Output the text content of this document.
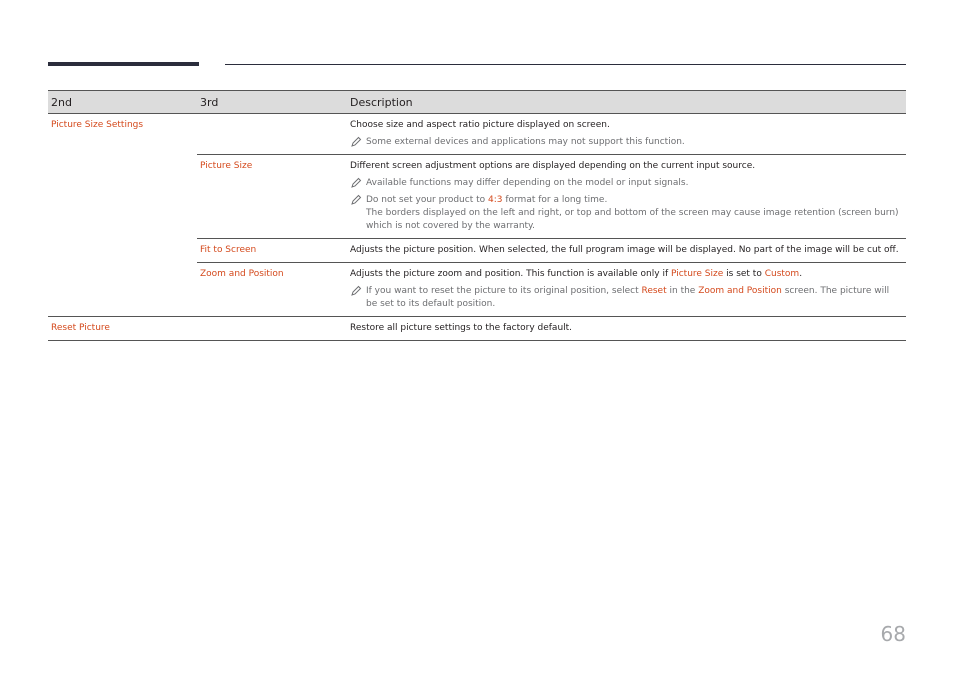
2nd	3rd	Description
Picture Size Settings		Choose size and aspect ratio picture displayed on screen.
Some external devices and applications may not support this function.

	Picture Size	Different screen adjustment options are displayed depending on the current input source.
Available functions may differ depending on the model or input signals.
Do not set your product to 4:3 format for a long time.
The borders displayed on the left and right, or top and bottom of the screen may cause image retention (screen burn) which is not covered by the warranty.

	Fit to Screen	Adjusts the picture position. When selected, the full program image will be displayed. No part of the image will be cut off.

	Zoom and Position	Adjusts the picture zoom and position. This function is available only if Picture Size is set to Custom.
If you want to reset the picture to its original position, select Reset in the Zoom and Position screen. The picture will be set to its default position.

Reset Picture		Restore all picture settings to the factory default.
68
